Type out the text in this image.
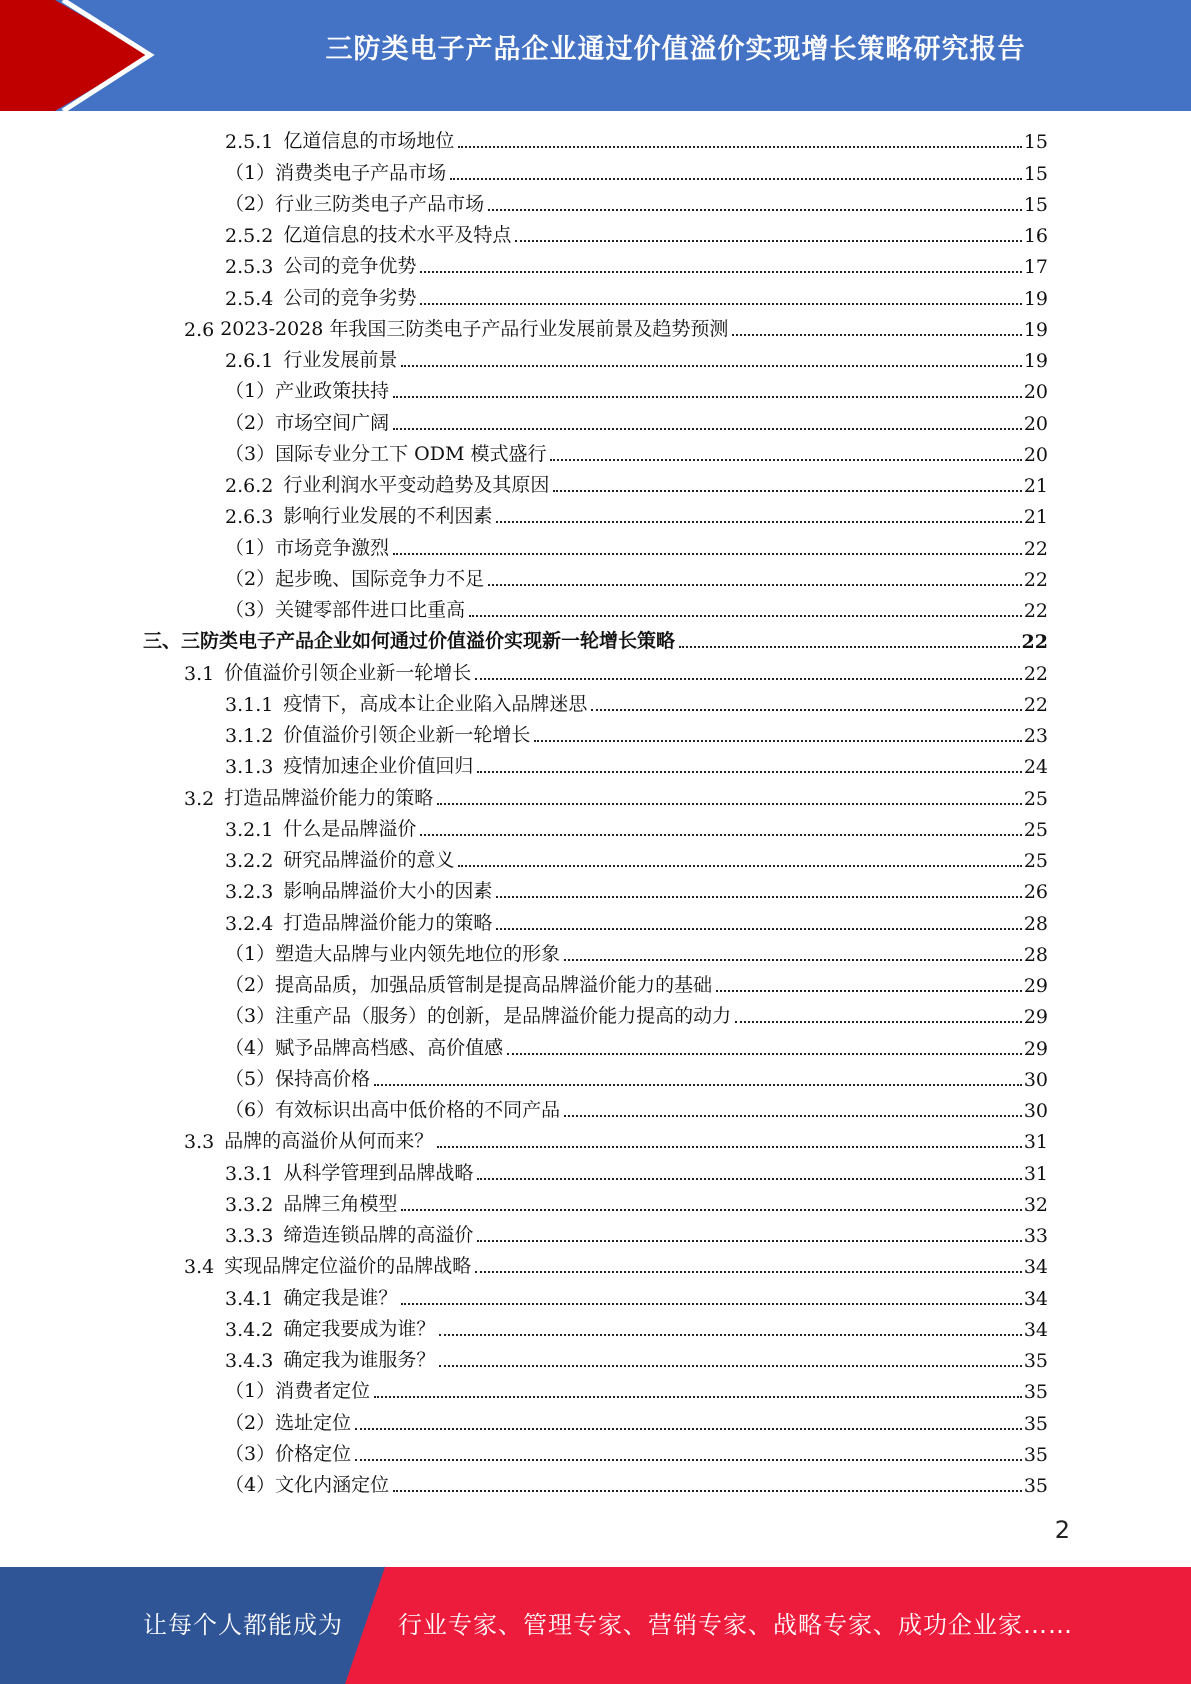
三防类电子产品企业通过价值溢价实现增长策略研究报告
2.5.1 亿道信息的市场地位	15
（1） 消费类电子产品市场	15
（2） 行业三防类电子产品市场	15
2.5.2 亿道信息的技术水平及特点	16
2.5.3 公司的竞争优势	17
2.5.4 公司的竞争劣势	19
2.6 2023-2028 年我国三防类电子产品行业发展前景及趋势预测	19
2.6.1 行业发展前景	19
（1） 产业政策扶持	20
（2） 市场空间广阔	20
（3） 国际专业分工下 ODM 模式盛行	20
2.6.2 行业利润水平变动趋势及其原因	21
2.6.3 影响行业发展的不利因素	21
（1） 市场竞争激烈	22
（2） 起步晚、国际竞争力不足	22
（3） 关键零部件进口比重高	22
三、 三防类电子产品企业如何通过价值溢价实现新一轮增长策略	22
3.1 价值溢价引领企业新一轮增长	22
3.1.1 疫情下，高成本让企业陷入品牌迷思	22
3.1.2 价值溢价引领企业新一轮增长	23
3.1.3 疫情加速企业价值回归	24
3.2 打造品牌溢价能力的策略	25
3.2.1 什么是品牌溢价	25
3.2.2 研究品牌溢价的意义	25
3.2.3 影响品牌溢价大小的因素	26
3.2.4 打造品牌溢价能力的策略	28
（1） 塑造大品牌与业内领先地位的形象	28
（2） 提高品质，加强品质管制是提高品牌溢价能力的基础	29
（3） 注重产品（服务）的创新，是品牌溢价能力提高的动力	29
（4） 赋予品牌高档感、高价值感	29
（5） 保持高价格	30
（6） 有效标识出高中低价格的不同产品	30
3.3 品牌的高溢价从何而来？	31
3.3.1 从科学管理到品牌战略	31
3.3.2 品牌三角模型	32
3.3.3 缔造连锁品牌的高溢价	33
3.4 实现品牌定位溢价的品牌战略	34
3.4.1 确定我是谁？	34
3.4.2 确定我要成为谁？	34
3.4.3 确定我为谁服务？	35
（1） 消费者定位	35
（2） 选址定位	35
（3） 价格定位	35
（4） 文化内涵定位	35
2
让每个人都能成为 行业专家、管理专家、营销专家、战略专家、成功企业家……
